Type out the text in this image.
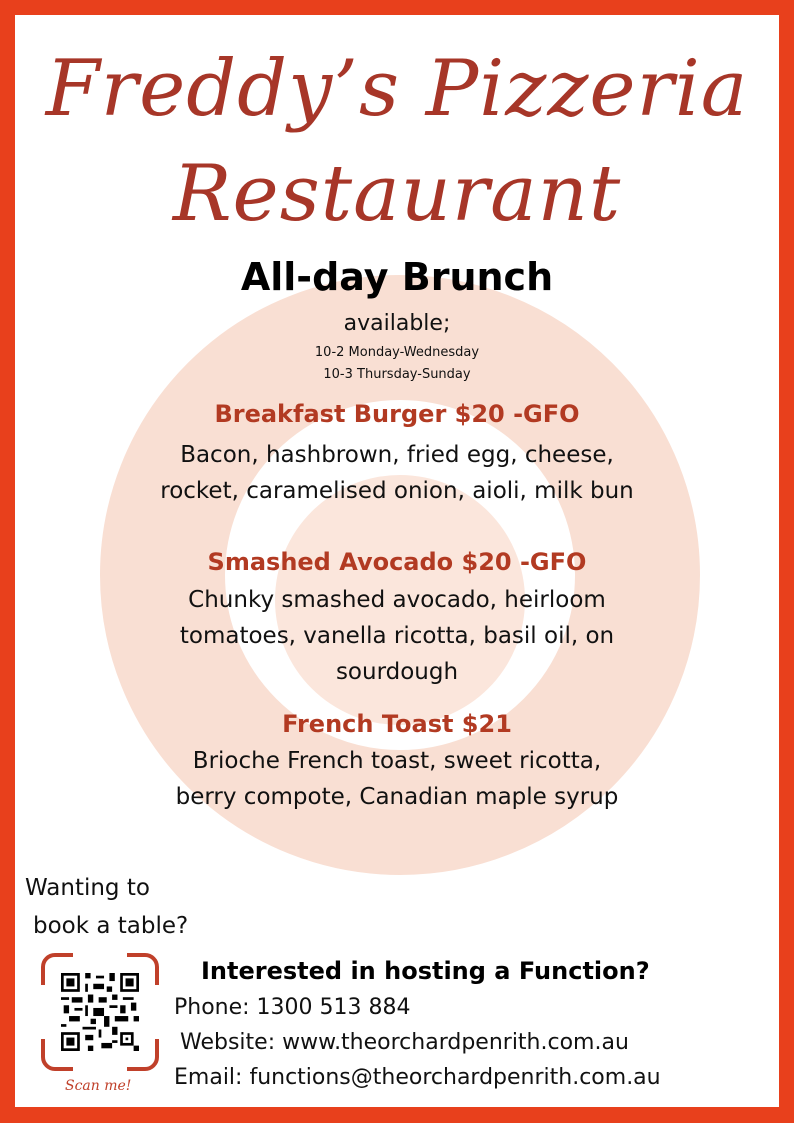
Freddy’s Pizzeria
Restaurant
All-day Brunch
available;
10-2 Monday-Wednesday
10-3 Thursday-Sunday
Breakfast Burger $20 -GFO
Bacon, hashbrown, fried egg, cheese,
rocket, caramelised onion, aioli, milk bun
Smashed Avocado $20 -GFO
Chunky smashed avocado, heirloom
tomatoes, vanella ricotta, basil oil, on
sourdough
French Toast $21
Brioche French toast, sweet ricotta,
berry compote, Canadian maple syrup
Wanting to
book a table?
Scan me!
Interested in hosting a Function?
Phone: 1300 513 884
Website: www.theorchardpenrith.com.au
Email: functions@theorchardpenrith.com.au
